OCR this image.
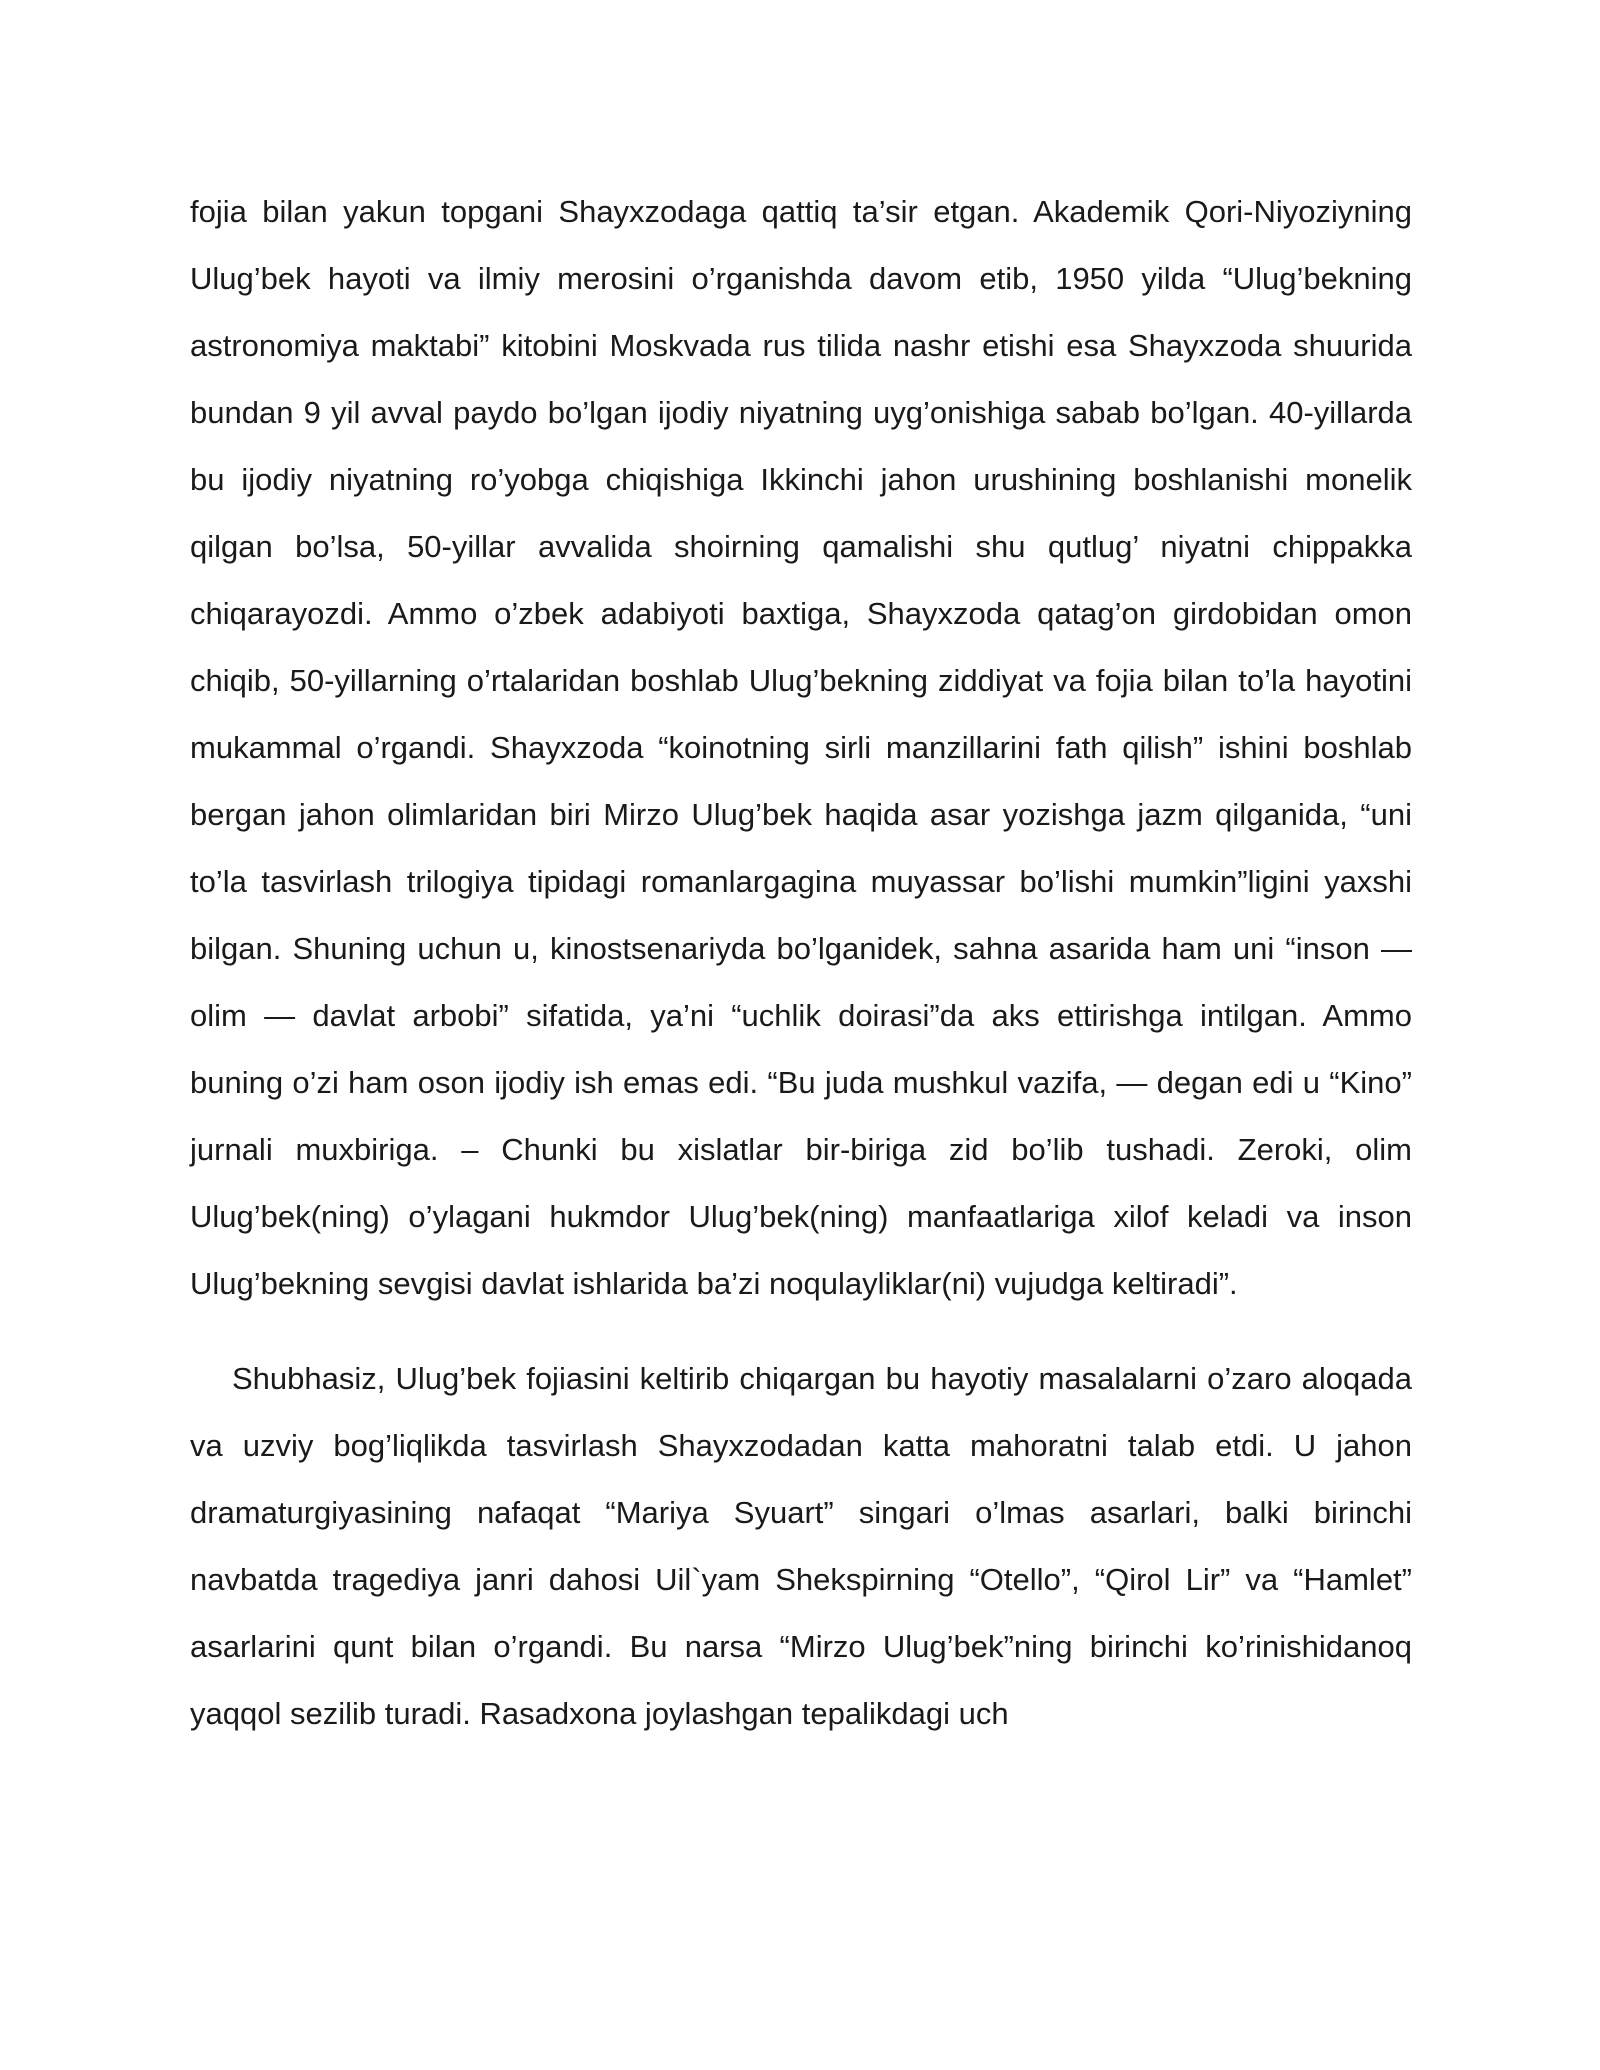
fojia bilan yakun topgani Shayxzodaga qattiq ta’sir etgan. Akademik Qori-Niyoziyning Ulug’bek hayoti va ilmiy merosini o’rganishda davom etib, 1950 yilda “Ulug’bekning astronomiya maktabi” kitobini Moskvada rus tilida nashr etishi esa Shayxzoda shuurida bundan 9 yil avval paydo bo’lgan ijodiy niyatning uyg’onishiga sabab bo’lgan. 40-yillarda bu ijodiy niyatning ro’yobga chiqishiga Ikkinchi jahon urushining boshlanishi monelik qilgan bo’lsa, 50-yillar avvalida shoirning qamalishi shu qutlug’ niyatni chippakka chiqarayozdi. Ammo o’zbek adabiyoti baxtiga, Shayxzoda qatag’on girdobidan omon chiqib, 50-yillarning o’rtalaridan boshlab Ulug’bekning ziddiyat va fojia bilan to’la hayotini mukammal o’rgandi. Shayxzoda “koinotning sirli manzillarini fath qilish” ishini boshlab bergan jahon olimlaridan biri Mirzo Ulug’bek haqida asar yozishga jazm qilganida, “uni to’la tasvirlash trilogiya tipidagi romanlargagina muyassar bo’lishi mumkin”ligini yaxshi bilgan. Shuning uchun u, kinostsenariyda bo’lganidek, sahna asarida ham uni “inson — olim — davlat arbobi” sifatida, ya’ni “uchlik doirasi”da aks ettirishga intilgan. Ammo buning o’zi ham oson ijodiy ish emas edi. “Bu juda mushkul vazifa, — degan edi u “Kino” jurnali muxbiriga. – Chunki bu xislatlar bir-biriga zid bo’lib tushadi. Zeroki, olim Ulug’bek(ning) o’ylagani hukmdor Ulug’bek(ning) manfaatlariga xilof keladi va inson Ulug’bekning sevgisi davlat ishlarida ba’zi noqulayliklar(ni) vujudga keltiradi”.

Shubhasiz, Ulug’bek fojiasini keltirib chiqargan bu hayotiy masalalarni o’zaro aloqada va uzviy bog’liqlikda tasvirlash Shayxzodadan katta mahoratni talab etdi. U jahon dramaturgiyasining nafaqat “Mariya Syuart” singari o’lmas asarlari, balki birinchi navbatda tragediya janri dahosi Uil`yam Shekspirning “Otello”, “Qirol Lir” va “Hamlet” asarlarini qunt bilan o’rgandi. Bu narsa “Mirzo Ulug’bek”ning birinchi ko’rinishidanoq yaqqol sezilib turadi. Rasadxona joylashgan tepalikdagi uch
